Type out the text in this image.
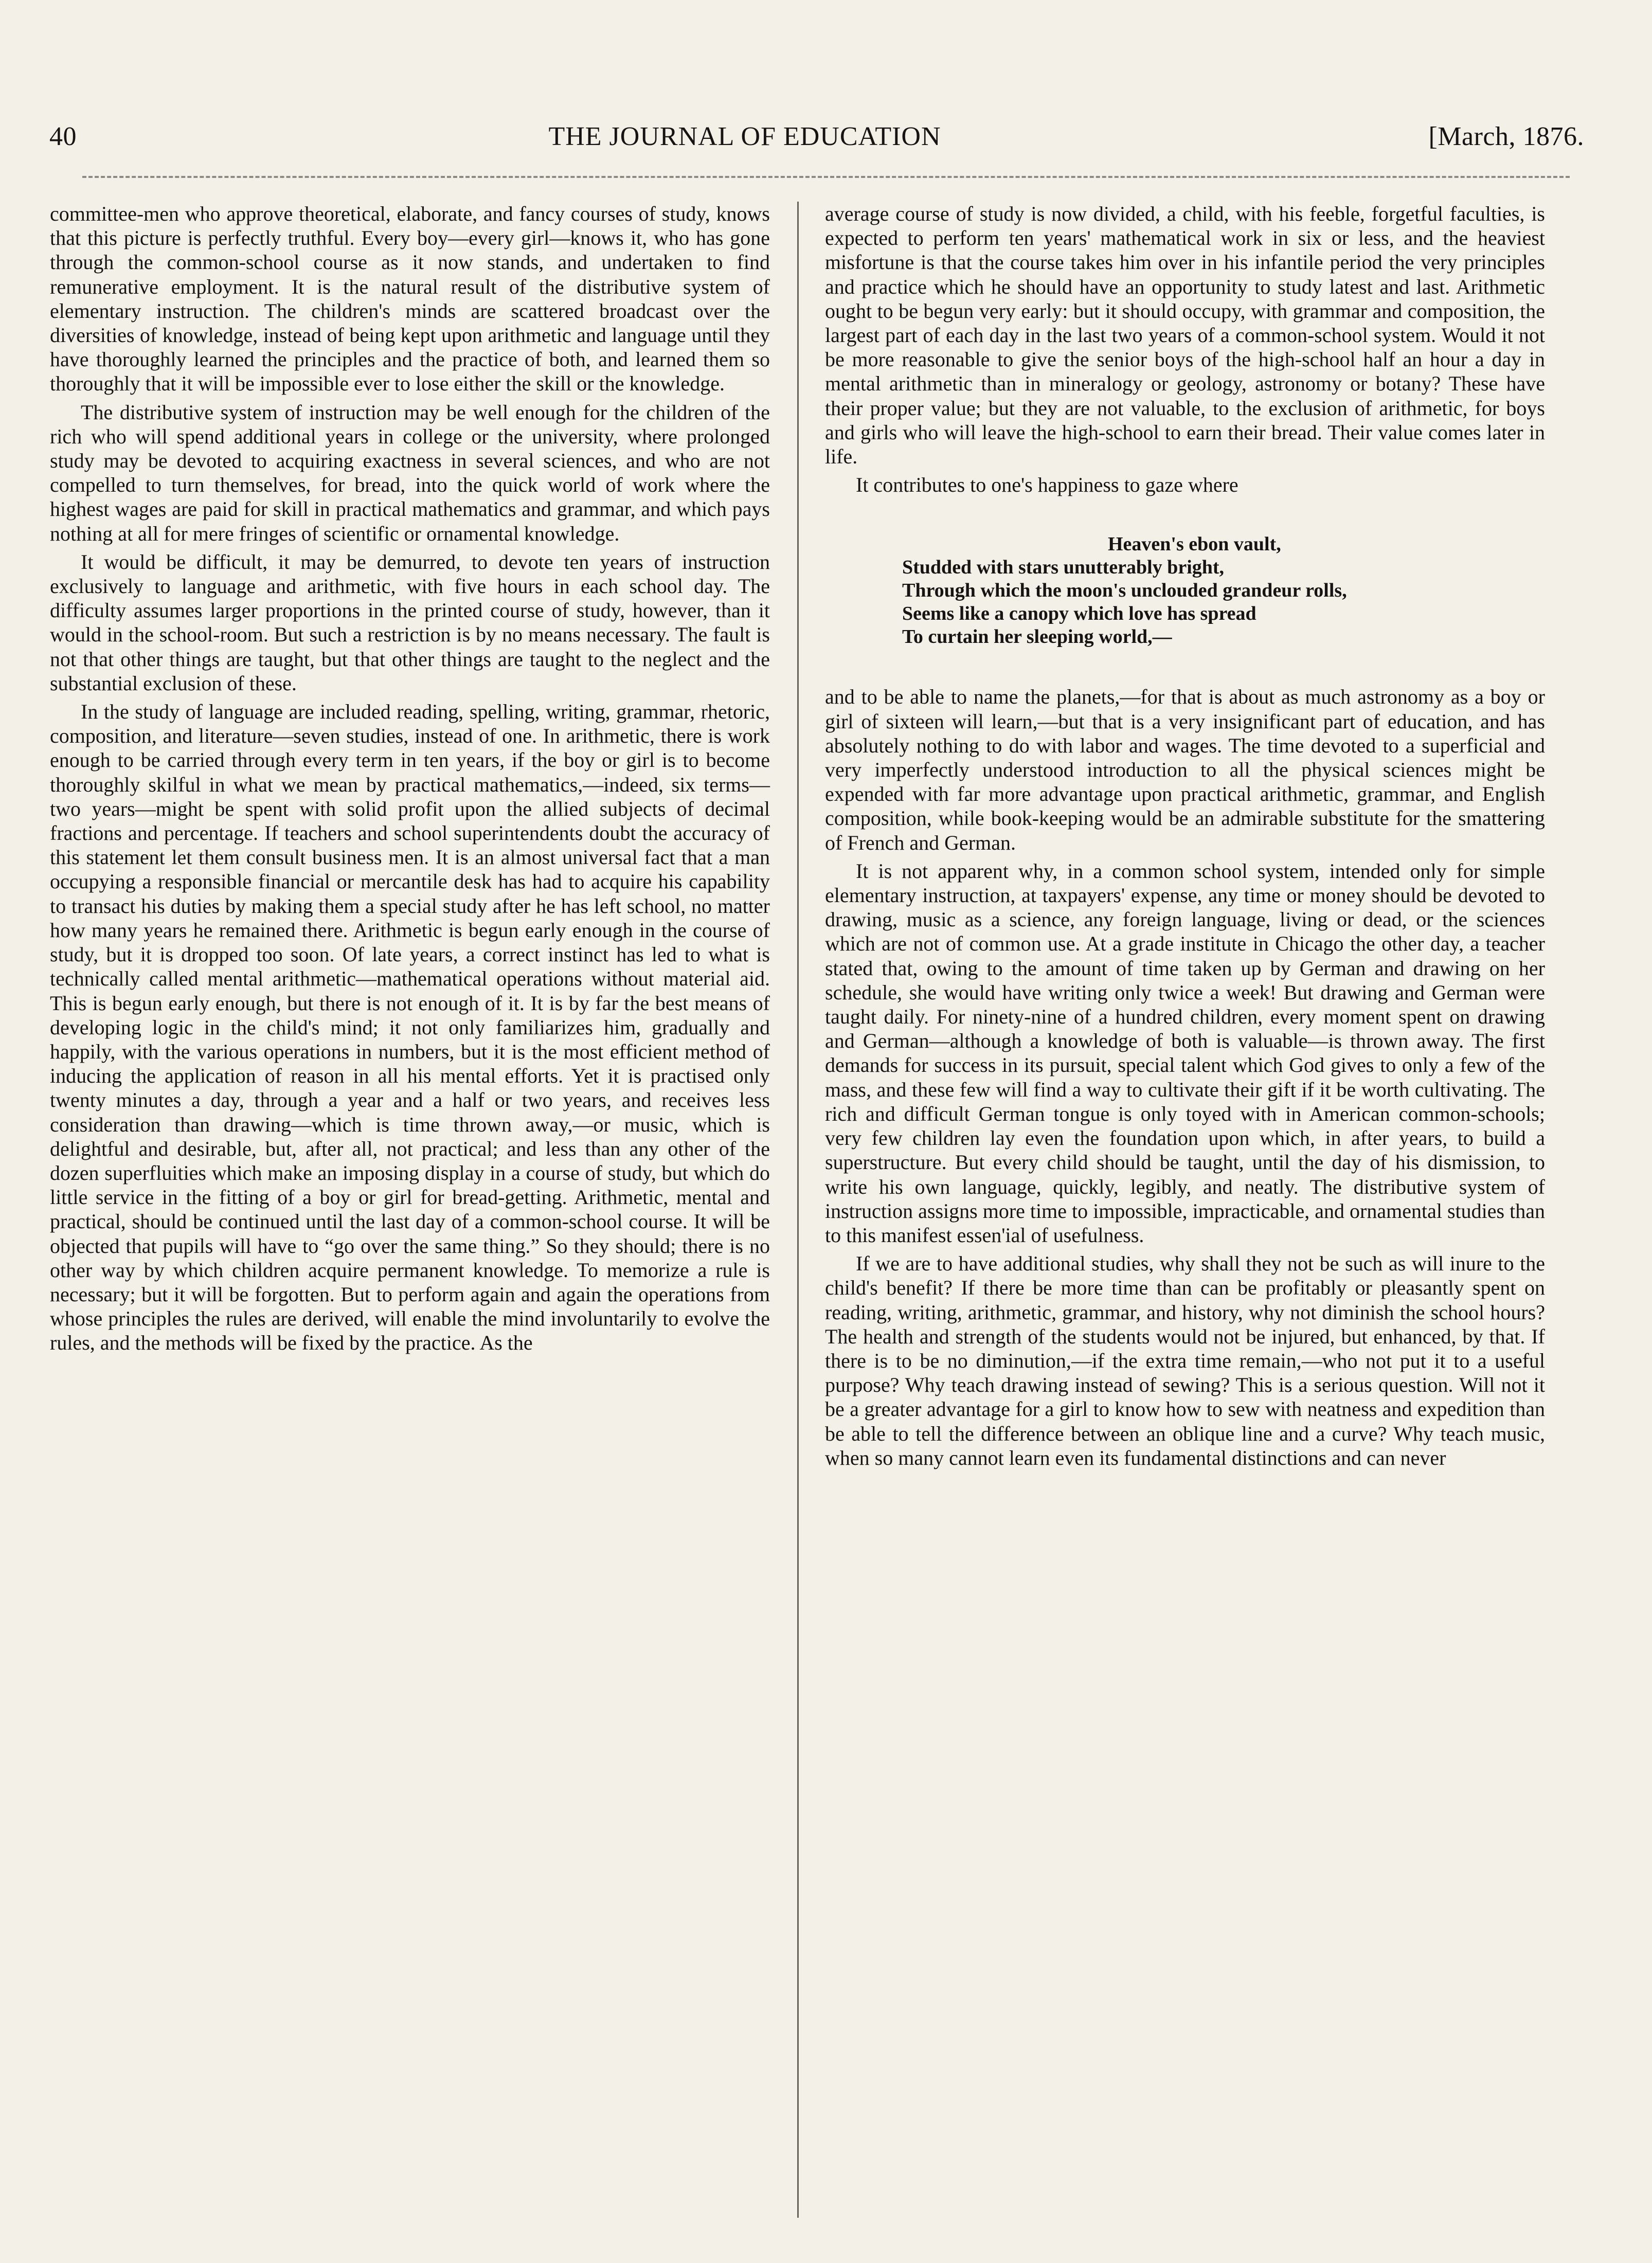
40	THE JOURNAL OF EDUCATION	[March, 1876.

committee-men who approve theoretical, elaborate, and fancy courses of study, knows that this picture is perfectly truthful. Every boy—every girl—knows it, who has gone through the common-school course as it now stands, and undertaken to find remunerative employment. It is the natural result of the distributive system of elementary instruction. The children's minds are scattered broadcast over the diversities of knowledge, instead of being kept upon arithmetic and language until they have thoroughly learned the principles and the practice of both, and learned them so thoroughly that it will be impossible ever to lose either the skill or the knowledge.

The distributive system of instruction may be well enough for the children of the rich who will spend additional years in college or the university, where prolonged study may be devoted to acquiring exactness in several sciences, and who are not compelled to turn themselves, for bread, into the quick world of work where the highest wages are paid for skill in practical mathematics and grammar, and which pays nothing at all for mere fringes of scientific or ornamental knowledge.

It would be difficult, it may be demurred, to devote ten years of instruction exclusively to language and arithmetic, with five hours in each school day. The difficulty assumes larger proportions in the printed course of study, however, than it would in the school-room. But such a restriction is by no means necessary. The fault is not that other things are taught, but that other things are taught to the neglect and the substantial exclusion of these.

In the study of language are included reading, spelling, writing, grammar, rhetoric, composition, and literature—seven studies, instead of one. In arithmetic, there is work enough to be carried through every term in ten years, if the boy or girl is to become thoroughly skilful in what we mean by practical mathematics,—indeed, six terms—two years—might be spent with solid profit upon the allied subjects of decimal fractions and percentage. If teachers and school superintendents doubt the accuracy of this statement let them consult business men. It is an almost universal fact that a man occupying a responsible financial or mercantile desk has had to acquire his capability to transact his duties by making them a special study after he has left school, no matter how many years he remained there. Arithmetic is begun early enough in the course of study, but it is dropped too soon. Of late years, a correct instinct has led to what is technically called mental arithmetic—mathematical operations without material aid. This is begun early enough, but there is not enough of it. It is by far the best means of developing logic in the child's mind; it not only familiarizes him, gradually and happily, with the various operations in numbers, but it is the most efficient method of inducing the application of reason in all his mental efforts. Yet it is practised only twenty minutes a day, through a year and a half or two years, and receives less consideration than drawing—which is time thrown away,—or music, which is delightful and desirable, but, after all, not practical; and less than any other of the dozen superfluities which make an imposing display in a course of study, but which do little service in the fitting of a boy or girl for bread-getting. Arithmetic, mental and practical, should be continued until the last day of a common-school course. It will be objected that pupils will have to “go over the same thing.” So they should; there is no other way by which children acquire permanent knowledge. To memorize a rule is necessary; but it will be forgotten. But to perform again and again the operations from whose principles the rules are derived, will enable the mind involuntarily to evolve the rules, and the methods will be fixed by the practice. As the

average course of study is now divided, a child, with his feeble, forgetful faculties, is expected to perform ten years' mathematical work in six or less, and the heaviest misfortune is that the course takes him over in his infantile period the very principles and practice which he should have an opportunity to study latest and last. Arithmetic ought to be begun very early: but it should occupy, with grammar and composition, the largest part of each day in the last two years of a common-school system. Would it not be more reasonable to give the senior boys of the high-school half an hour a day in mental arithmetic than in mineralogy or geology, astronomy or botany? These have their proper value; but they are not valuable, to the exclusion of arithmetic, for boys and girls who will leave the high-school to earn their bread. Their value comes later in life.

It contributes to one's happiness to gaze where

Heaven's ebon vault,
Studded with stars unutterably bright,
Through which the moon's unclouded grandeur rolls,
Seems like a canopy which love has spread
To curtain her sleeping world,—

and to be able to name the planets,—for that is about as much astronomy as a boy or girl of sixteen will learn,—but that is a very insignificant part of education, and has absolutely nothing to do with labor and wages. The time devoted to a superficial and very imperfectly understood introduction to all the physical sciences might be expended with far more advantage upon practical arithmetic, grammar, and English composition, while book-keeping would be an admirable substitute for the smattering of French and German.

It is not apparent why, in a common school system, intended only for simple elementary instruction, at taxpayers' expense, any time or money should be devoted to drawing, music as a science, any foreign language, living or dead, or the sciences which are not of common use. At a grade institute in Chicago the other day, a teacher stated that, owing to the amount of time taken up by German and drawing on her schedule, she would have writing only twice a week! But drawing and German were taught daily. For ninety-nine of a hundred children, every moment spent on drawing and German—although a knowledge of both is valuable—is thrown away. The first demands for success in its pursuit, special talent which God gives to only a few of the mass, and these few will find a way to cultivate their gift if it be worth cultivating. The rich and difficult German tongue is only toyed with in American common-schools; very few children lay even the foundation upon which, in after years, to build a superstructure. But every child should be taught, until the day of his dismission, to write his own language, quickly, legibly, and neatly. The distributive system of instruction assigns more time to impossible, impracticable, and ornamental studies than to this manifest essen'ial of usefulness.

If we are to have additional studies, why shall they not be such as will inure to the child's benefit? If there be more time than can be profitably or pleasantly spent on reading, writing, arithmetic, grammar, and history, why not diminish the school hours? The health and strength of the students would not be injured, but enhanced, by that. If there is to be no diminution,—if the extra time remain,—who not put it to a useful purpose? Why teach drawing instead of sewing? This is a serious question. Will not it be a greater advantage for a girl to know how to sew with neatness and expedition than be able to tell the difference between an oblique line and a curve? Why teach music, when so many cannot learn even its fundamental distinctions and can never
